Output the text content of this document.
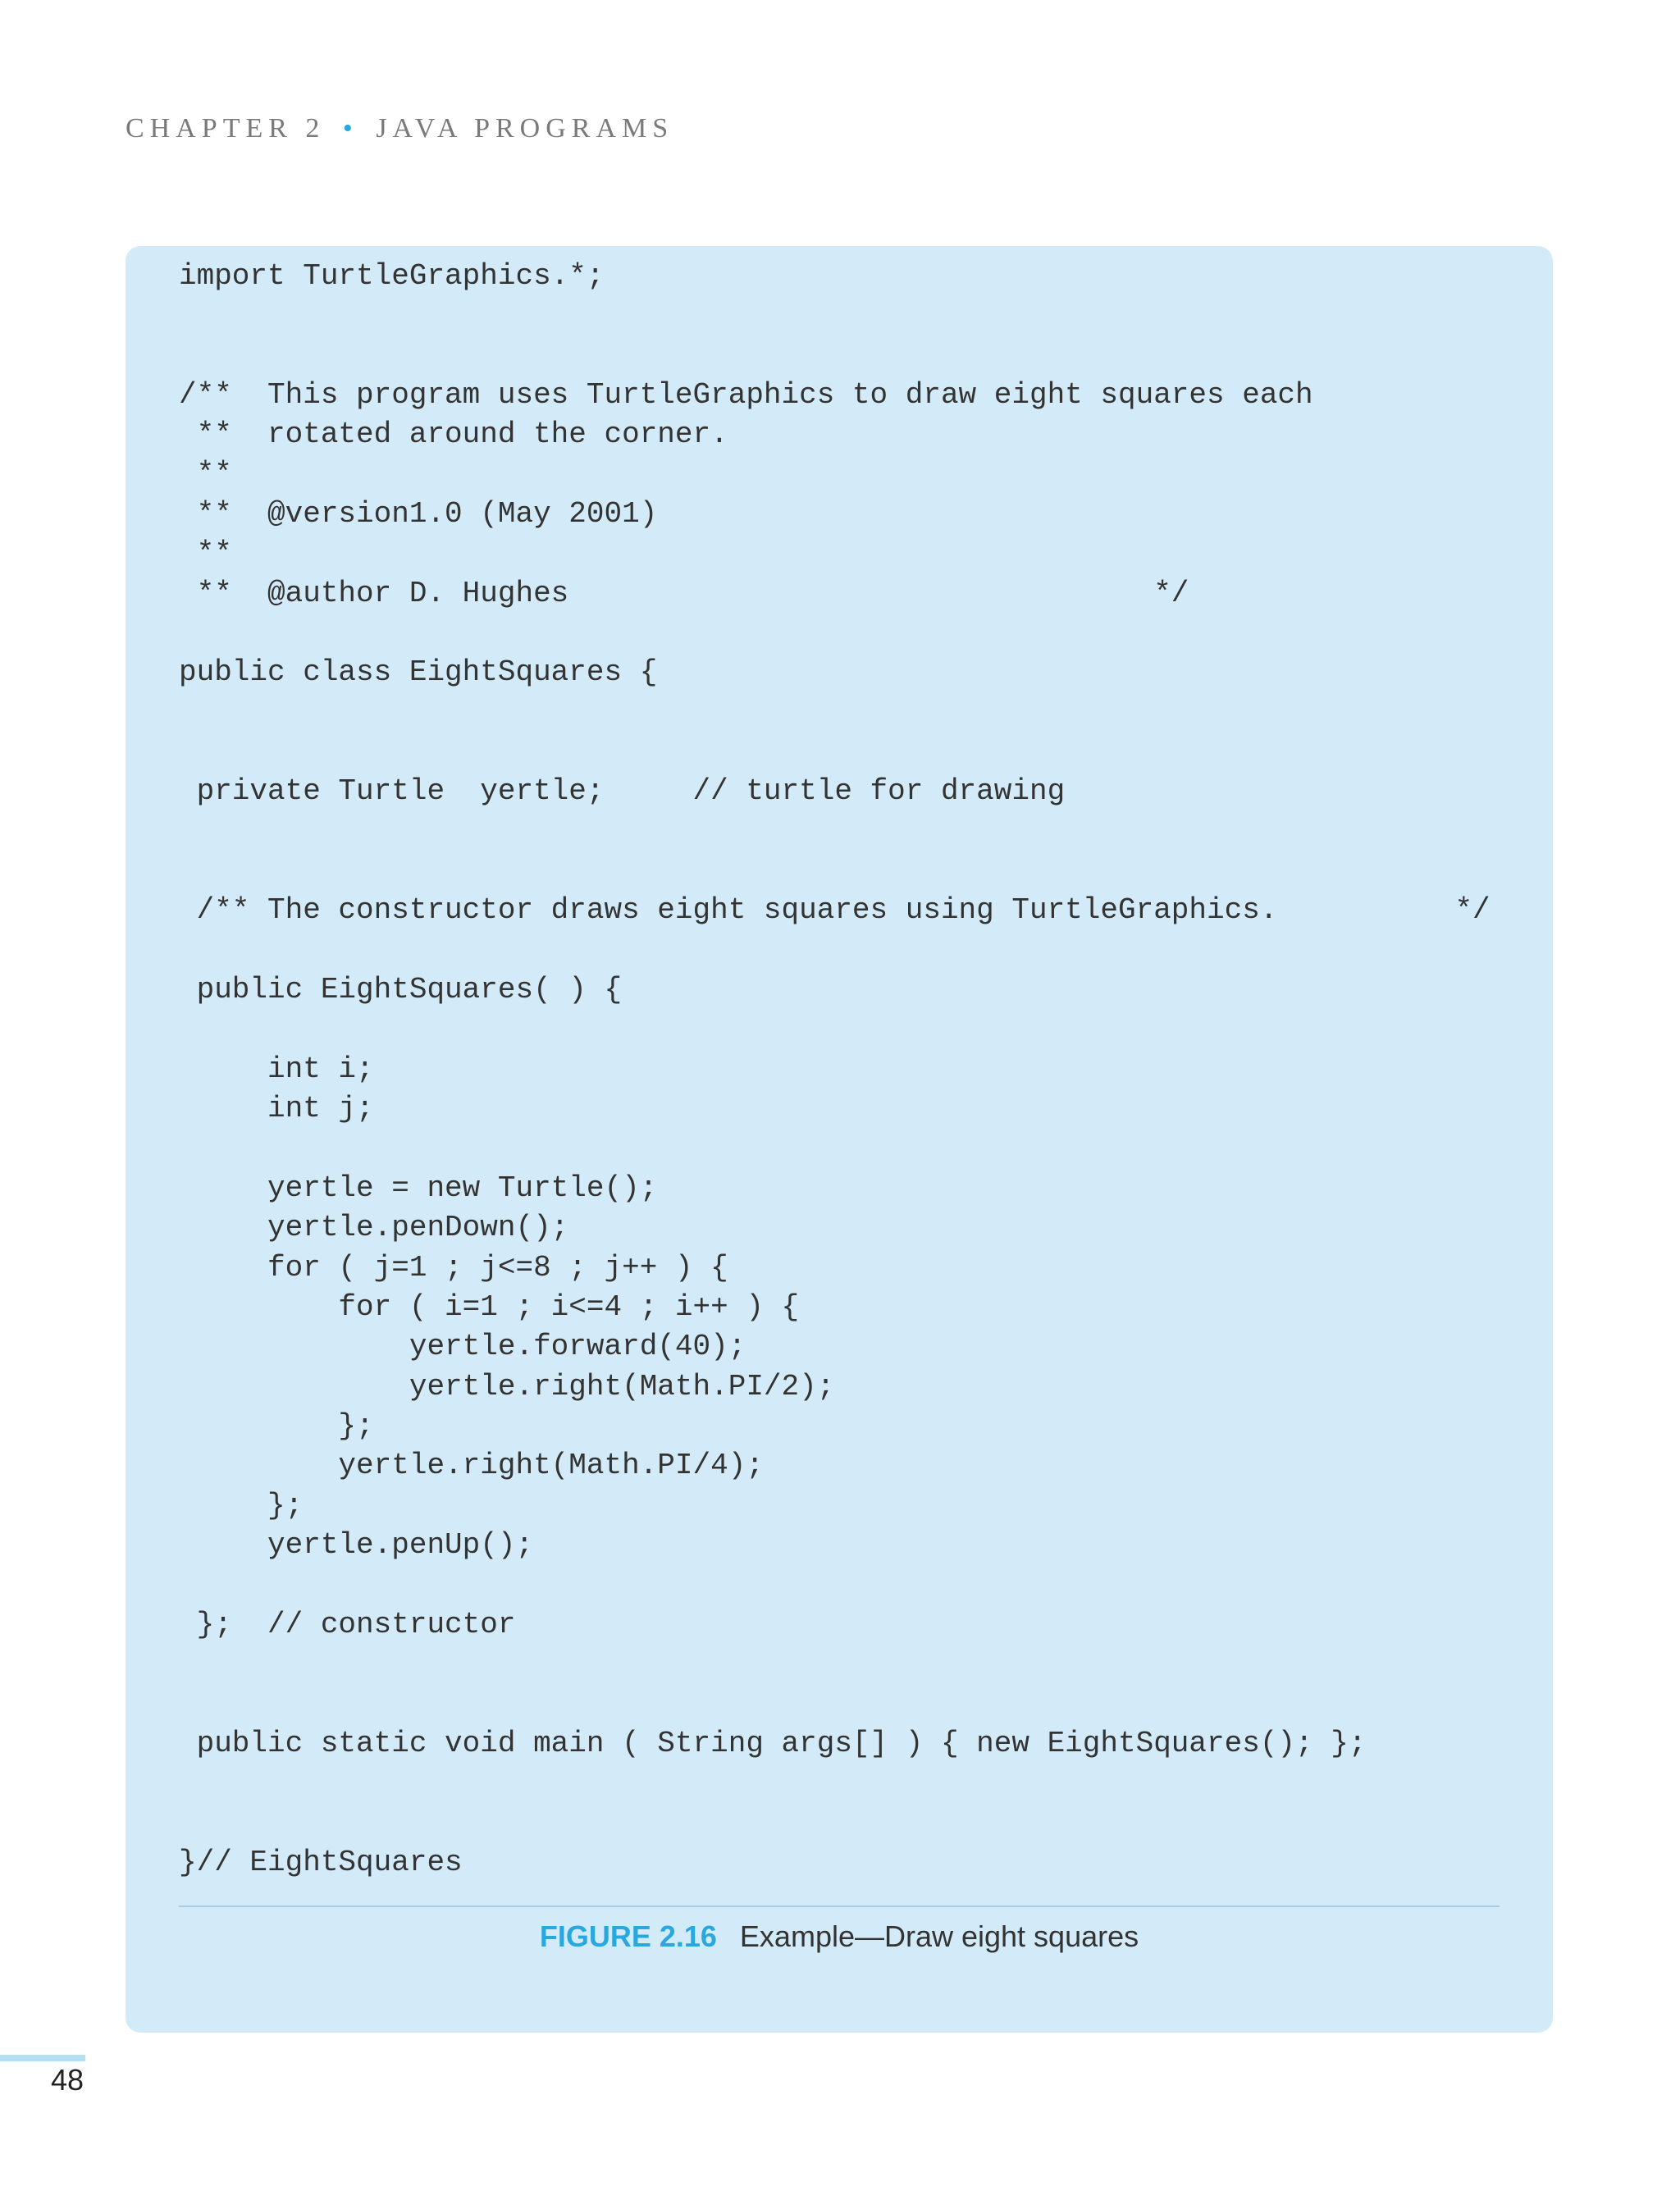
CHAPTER 2 • JAVA PROGRAMS
import TurtleGraphics.*;
/**  This program uses TurtleGraphics to draw eight squares each
**  rotated around the corner.
**
**  @version1.0 (May 2001)
**
**  @author D. Hughes                                 */
public class EightSquares {
private Turtle  yertle;     // turtle for drawing
/** The constructor draws eight squares using TurtleGraphics.          */
public EightSquares( ) {
int i;
int j;
yertle = new Turtle();
yertle.penDown();
for ( j=1 ; j<=8 ; j++ ) {
for ( i=1 ; i<=4 ; i++ ) {
yertle.forward(40);
yertle.right(Math.PI/2);
};
yertle.right(Math.PI/4);
};
yertle.penUp();
};  // constructor
public static void main ( String args[] ) { new EightSquares(); };
}// EightSquares
FIGURE 2.16 Example—Draw eight squares
48
